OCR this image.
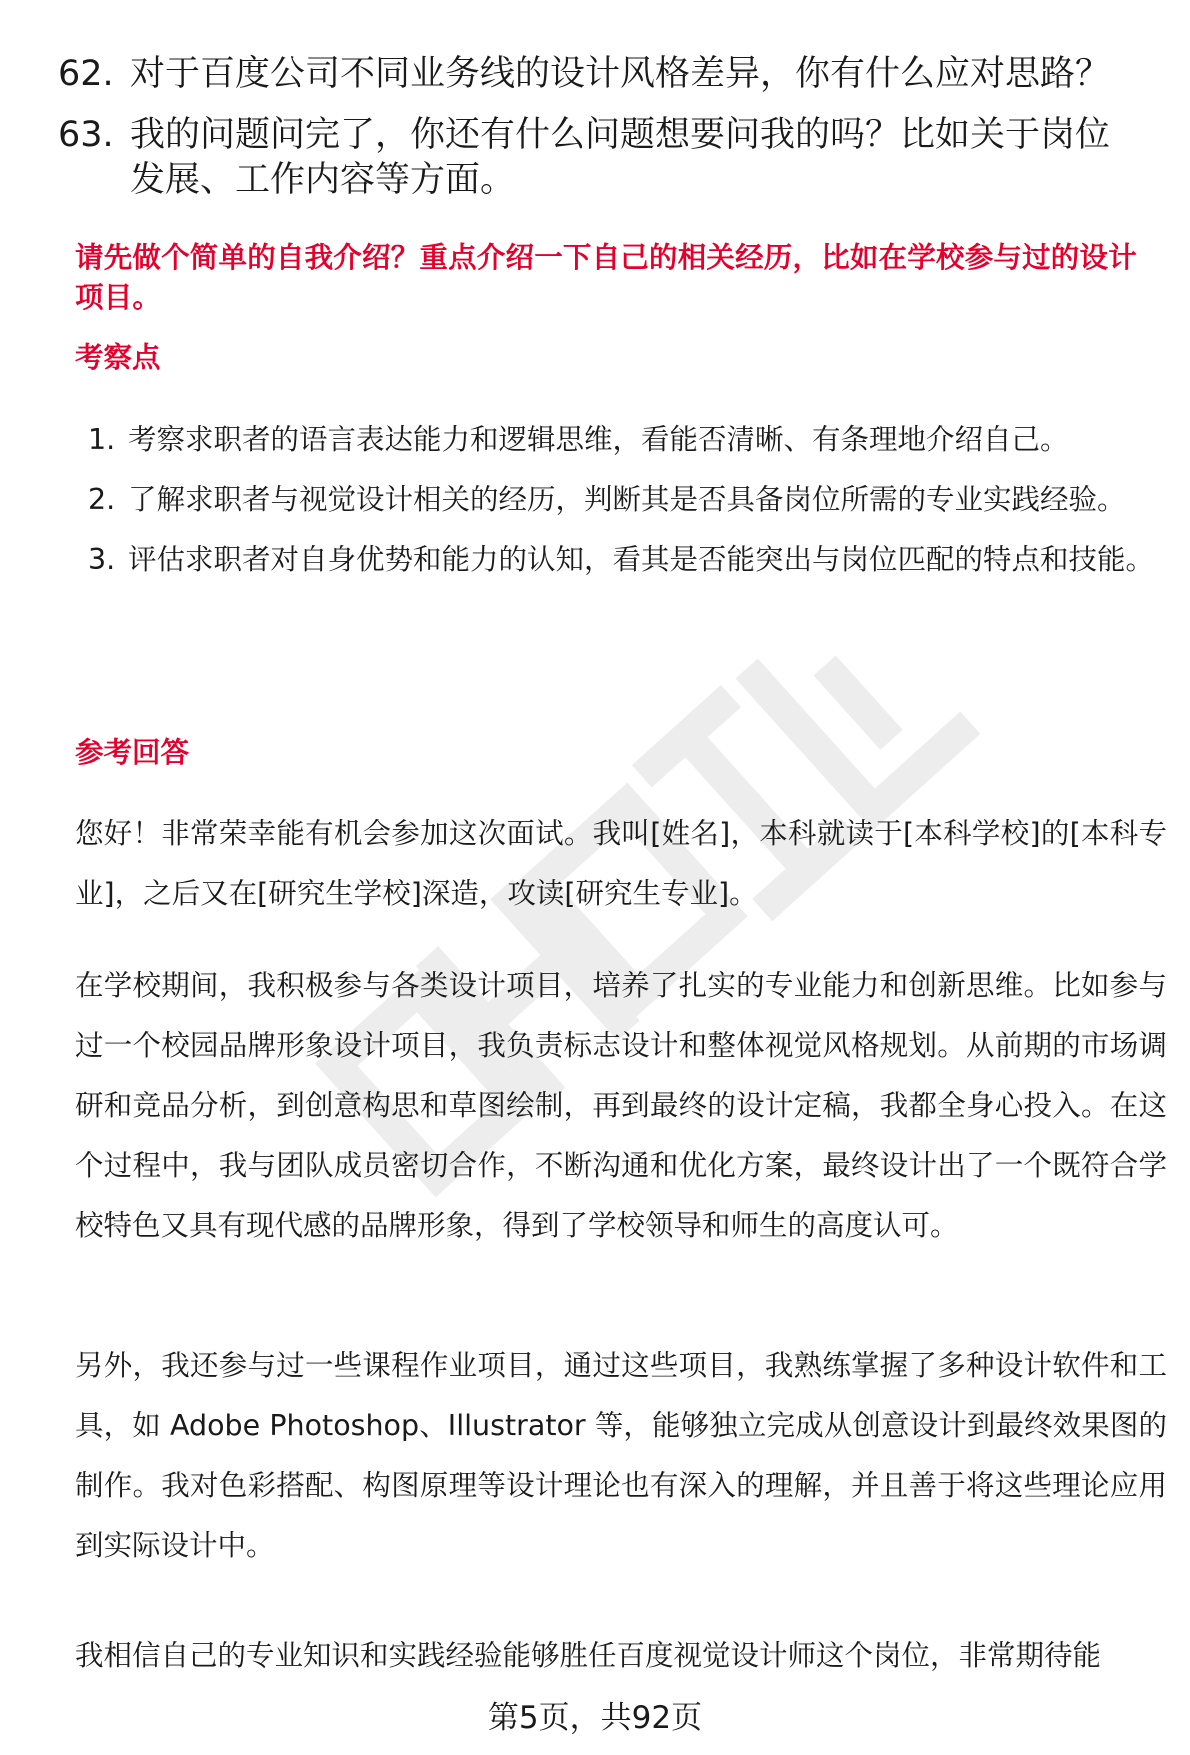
62. 对于百度公司不同业务线的设计风格差异，你有什么应对思路？
63. 我的问题问完了，你还有什么问题想要问我的吗？比如关于岗位发展、工作内容等方面。
请先做个简单的自我介绍？重点介绍一下自己的相关经历，比如在学校参与过的设计项目。
考察点
1. 考察求职者的语言表达能力和逻辑思维，看能否清晰、有条理地介绍自己。
2. 了解求职者与视觉设计相关的经历，判断其是否具备岗位所需的专业实践经验。
3. 评估求职者对自身优势和能力的认知，看其是否能突出与岗位匹配的特点和技能。
参考回答
您好！非常荣幸能有机会参加这次面试。我叫[姓名]，本科就读于[本科学校]的[本科专业]，之后又在[研究生学校]深造，攻读[研究生专业]。
在学校期间，我积极参与各类设计项目，培养了扎实的专业能力和创新思维。比如参与过一个校园品牌形象设计项目，我负责标志设计和整体视觉风格规划。从前期的市场调研和竞品分析，到创意构思和草图绘制，再到最终的设计定稿，我都全身心投入。在这个过程中，我与团队成员密切合作，不断沟通和优化方案，最终设计出了一个既符合学校特色又具有现代感的品牌形象，得到了学校领导和师生的高度认可。
另外，我还参与过一些课程作业项目，通过这些项目，我熟练掌握了多种设计软件和工具，如 Adobe Photoshop、Illustrator 等，能够独立完成从创意设计到最终效果图的制作。我对色彩搭配、构图原理等设计理论也有深入的理解，并且善于将这些理论应用到实际设计中。
我相信自己的专业知识和实践经验能够胜任百度视觉设计师这个岗位，非常期待能
第5页，共92页
